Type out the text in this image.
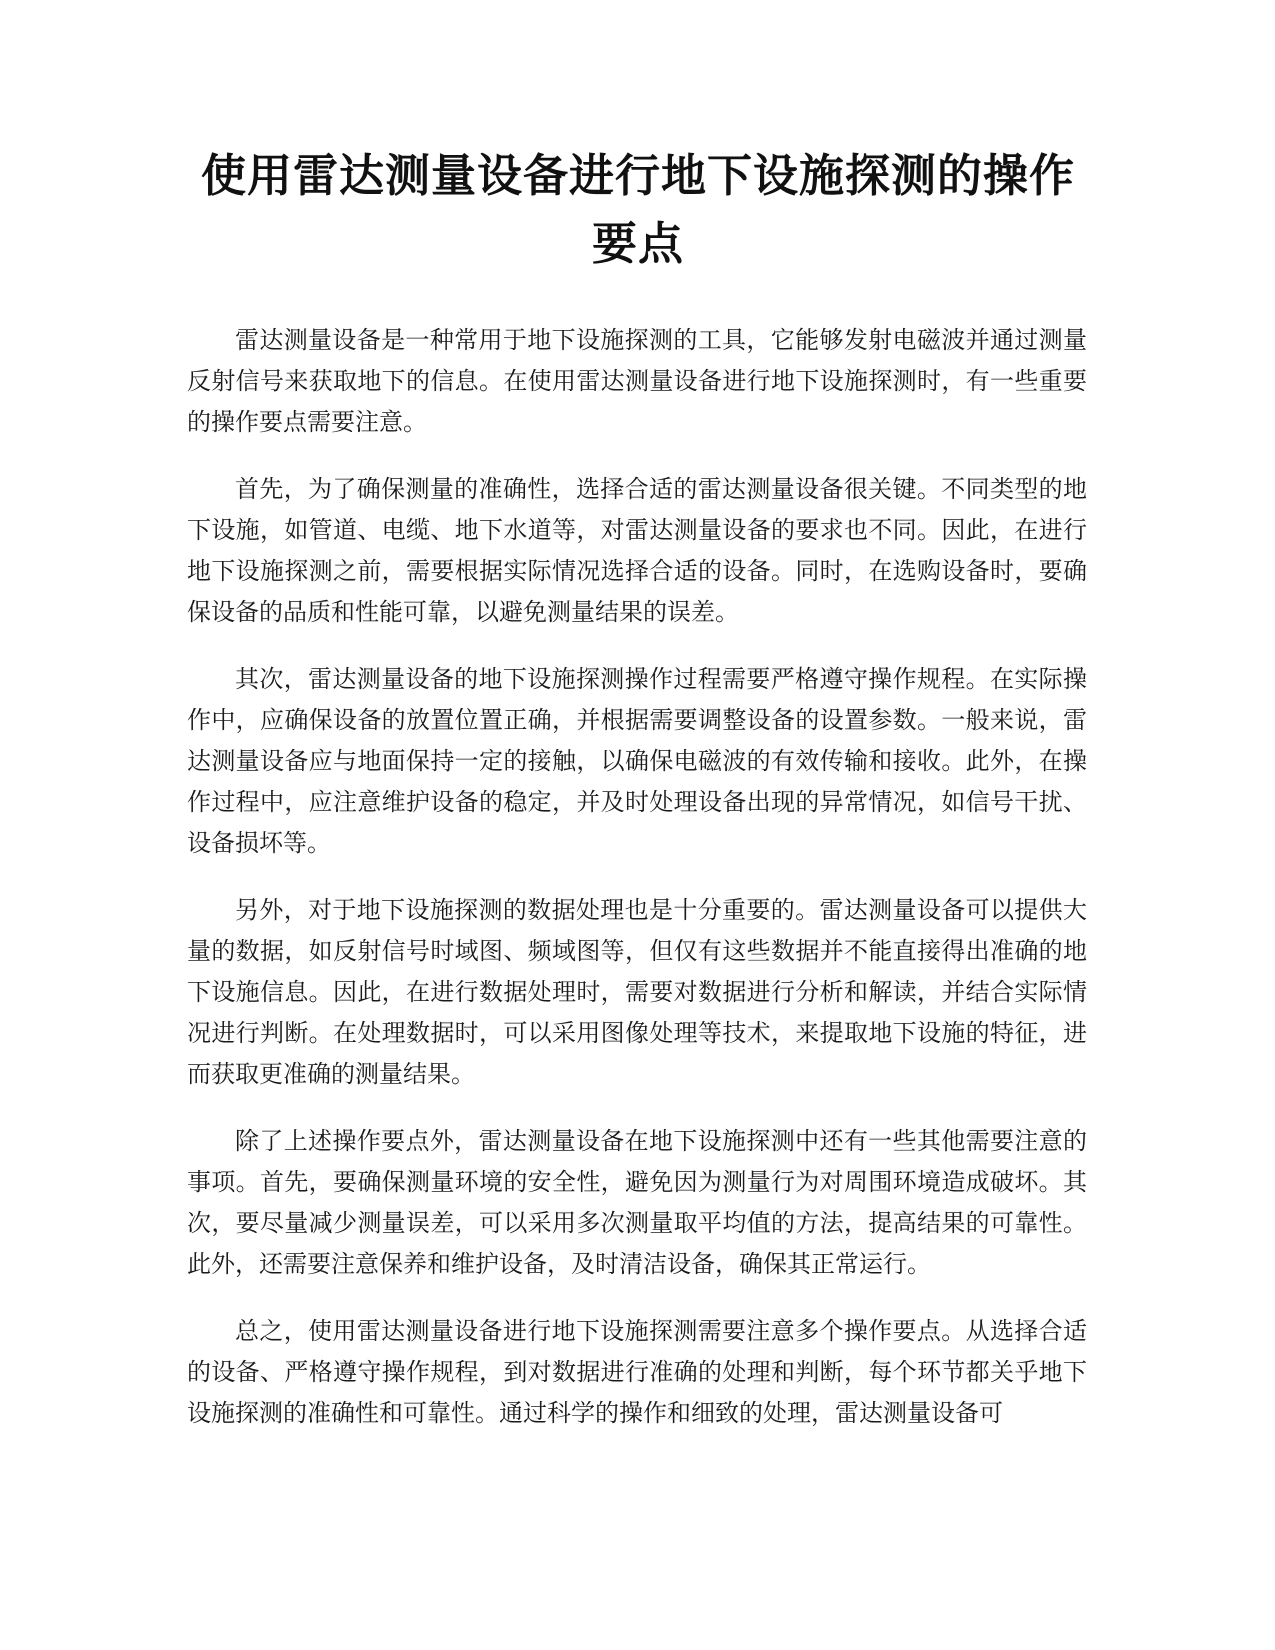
使用雷达测量设备进行地下设施探测的操作
要点

雷达测量设备是一种常用于地下设施探测的工具，它能够发射电磁波并通过测量反射信号来获取地下的信息。在使用雷达测量设备进行地下设施探测时，有一些重要的操作要点需要注意。

首先，为了确保测量的准确性，选择合适的雷达测量设备很关键。不同类型的地下设施，如管道、电缆、地下水道等，对雷达测量设备的要求也不同。因此，在进行地下设施探测之前，需要根据实际情况选择合适的设备。同时，在选购设备时，要确保设备的品质和性能可靠，以避免测量结果的误差。

其次，雷达测量设备的地下设施探测操作过程需要严格遵守操作规程。在实际操作中，应确保设备的放置位置正确，并根据需要调整设备的设置参数。一般来说，雷达测量设备应与地面保持一定的接触，以确保电磁波的有效传输和接收。此外，在操作过程中，应注意维护设备的稳定，并及时处理设备出现的异常情况，如信号干扰、设备损坏等。

另外，对于地下设施探测的数据处理也是十分重要的。雷达测量设备可以提供大量的数据，如反射信号时域图、频域图等，但仅有这些数据并不能直接得出准确的地下设施信息。因此，在进行数据处理时，需要对数据进行分析和解读，并结合实际情况进行判断。在处理数据时，可以采用图像处理等技术，来提取地下设施的特征，进而获取更准确的测量结果。

除了上述操作要点外，雷达测量设备在地下设施探测中还有一些其他需要注意的事项。首先，要确保测量环境的安全性，避免因为测量行为对周围环境造成破坏。其次，要尽量减少测量误差，可以采用多次测量取平均值的方法，提高结果的可靠性。此外，还需要注意保养和维护设备，及时清洁设备，确保其正常运行。

总之，使用雷达测量设备进行地下设施探测需要注意多个操作要点。从选择合适的设备、严格遵守操作规程，到对数据进行准确的处理和判断，每个环节都关乎地下设施探测的准确性和可靠性。通过科学的操作和细致的处理，雷达测量设备可
